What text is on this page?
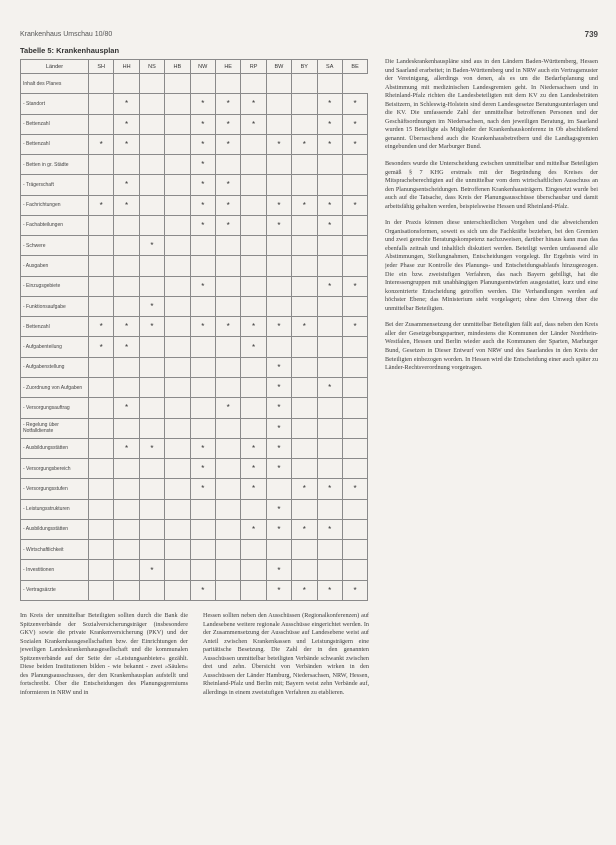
Krankenhaus Umschau 10/80	739
Tabelle 5: Krankenhausplan
Länder	SH	HH	NS	HB	NW	HE	RP	BW	BY	SA	BE
Inhalt des Planes											
- Standort		*			*	*	*			*	*
- Bettenzahl		*			*	*	*			*	*
- Bettenzahl	*	*			*	*		*	*	*	*
- Betten in gr. Städte					*						
- Trägerschaft		*			*	*					
- Fachrichtungen	*	*			*	*		*	*	*	*
- Fachabteilungen					*	*		*		*	
- Schwere			*								
- Ausgaben											
- Einzugsgebiete					*					*	*
- Funktionsaufgabe			*								
- Bettenzahl	*	*	*		*	*	*	*	*		*
- Aufgabenteilung	*	*					*				
- Aufgabenstellung								*			
- Zuordnung von Aufgaben								*		*	
- Versorgungsauftrag		*				*		*			
- Regelung über Notfalldienste								*			
- Ausbildungsstätten		*	*		*		*	*			
- Versorgungsbereich					*		*	*			
- Versorgungsstufen					*		*		*	*	*
- Leistungsstrukturen								*			
- Ausbildungsstätten							*	*	*	*	
- Wirtschaftlichkeit											
- Investitionen			*					*			
- Vertragsärzte					*			*	*	*	*

Im Kreis der unmittelbar Beteiligten sollten durch die Bank die Spitzenverbände der Sozialversicherungsträger (insbesondere GKV) sowie die private Krankenversicherung (PKV) und der Sozialen Krankenhausgesellschaften bzw. der Einrichtungen der jeweiligen Landeskrankenhausgesellschaft und die kommunalen Spitzenverbände auf der Seite der »Leistungsanbieter« gezählt. Diese beiden Institutionen bilden - wie bekannt - zwei »Säulen« des Planungsausschusses, der den Krankenhausplan aufstellt und fortschreibt. Über die Entscheidungen des Planungsgremiums informieren in NRW und in

Hessen sollten neben den Ausschüssen (Regionalkonferenzen) auf Landesebene weitere regionale Ausschüsse eingerichtet werden. In der Zusammensetzung der Ausschüsse auf Landesebene weist auf Anteil zwischen Krankenkassen und Leistungsträgern eine paritätische Besetzung. Die Zahl der in den genannten Ausschüssen unmittelbar beteiligten Verbände schwankt zwischen drei und zehn. Übersicht von Verbänden wirken in den Ausschüssen der Länder Hamburg, Niedersachsen, NRW, Hessen, Rheinland-Pfalz und Berlin mit; Bayern weist zehn Verbände auf, allerdings in einem zweistufigen Verfahren zu etablieren.

Die Landeskrankenhauspläne sind aus in den Ländern Baden-Württemberg, Hessen und Saarland erarbeitet; in Baden-Württemberg und in NRW auch ein Vertragsmuster der Vereinigung, allerdings von denen, als es um die Bedarfsplanung und Abstimmung mit medizinischen Landesgremien geht. In Niedersachsen und in Rheinland-Pfalz richten die Landesbeteiligten mit dem KV zu den Landesbeiräten Beisitzern, in Schleswig-Holstein sind deren Landesgesetze Beratungsunterlagen und die KV. Die umfassende Zahl der unmittelbar betroffenen Personen und der Geschäftsordnungen im Niedersachsen, nach den jeweiligen Beratung, im Saarland wurden 15 Beteiligte als Mitglieder der Krankenhauskonferenz in Ob abschließend genannt. Überraschend auch die Krankenhausbetreibern und die Landtagsgremien eingebunden und der Marburger Bund.

Besonders wurde die Unterscheidung zwischen unmittelbar und mittelbar Beteiligten gemäß § 7 KHG erstmals mit der Begründung des Kreises der Mitspracheberechtigten auf die unmittelbar vom dem wirtschaftlichen Ausschuss an den Planungsentscheidungen. Betroffenen Krankenhausträgern. Eingesetzt wurde bei auch auf die Tatsache, dass Kreis der Planungsausschüsse überschaubar und damit arbeitsfähig gehalten werden, beispielsweise Hessen und Rheinland-Pfalz.

In der Praxis können diese unterschiedlichen Vorgehen und die abweichenden Organisationsformen, soweit es sich um die Fachkräfte beziehen, bei den Gremien und zwei gerechte Beratungskompetenz nachzuweisen, darüber hinaus kann man das ebenfalls zeitnah und inhaltlich diskutiert werden. Beteiligt werden umfassend alle Abstimmungen, Stellungnahmen, Entscheidungen vorgelegt. Ihr Ergebnis wird in jeder Phase zur Kontrolle des Planungs- und Entscheidungsablaufs hinzugezogen. Die ein bzw. zweistufigen Verfahren, das nach Bayern gebilligt, hat die Interessengruppen mit unabhängigen Planungsentwürfen ausgestattet, kurz und eine konzentrierte Entscheidung getroffen werden. Die Verhandlungen werden auf höchster Ebene; das Ministerium steht vorgelagert; ohne den Umweg über die unmittelbar Beteiligten.

Bei der Zusammensetzung der unmittelbar Beteiligten fällt auf, dass neben den Kreis aller der Gesetzgebungspartner, mindestens die Kommunen der Länder Nordrhein-Westfalen, Hessen und Berlin wieder auch die Kommunen der Sparten, Marburger Bund, Gesetzen in Dieser Entwurf von NRW und des Saarlandes in den Kreis der Beteiligten einbezogen worden. In Hessen wird die Entscheidung einer auch später zu Länder-Rechtsverordnung vorgetragen.
